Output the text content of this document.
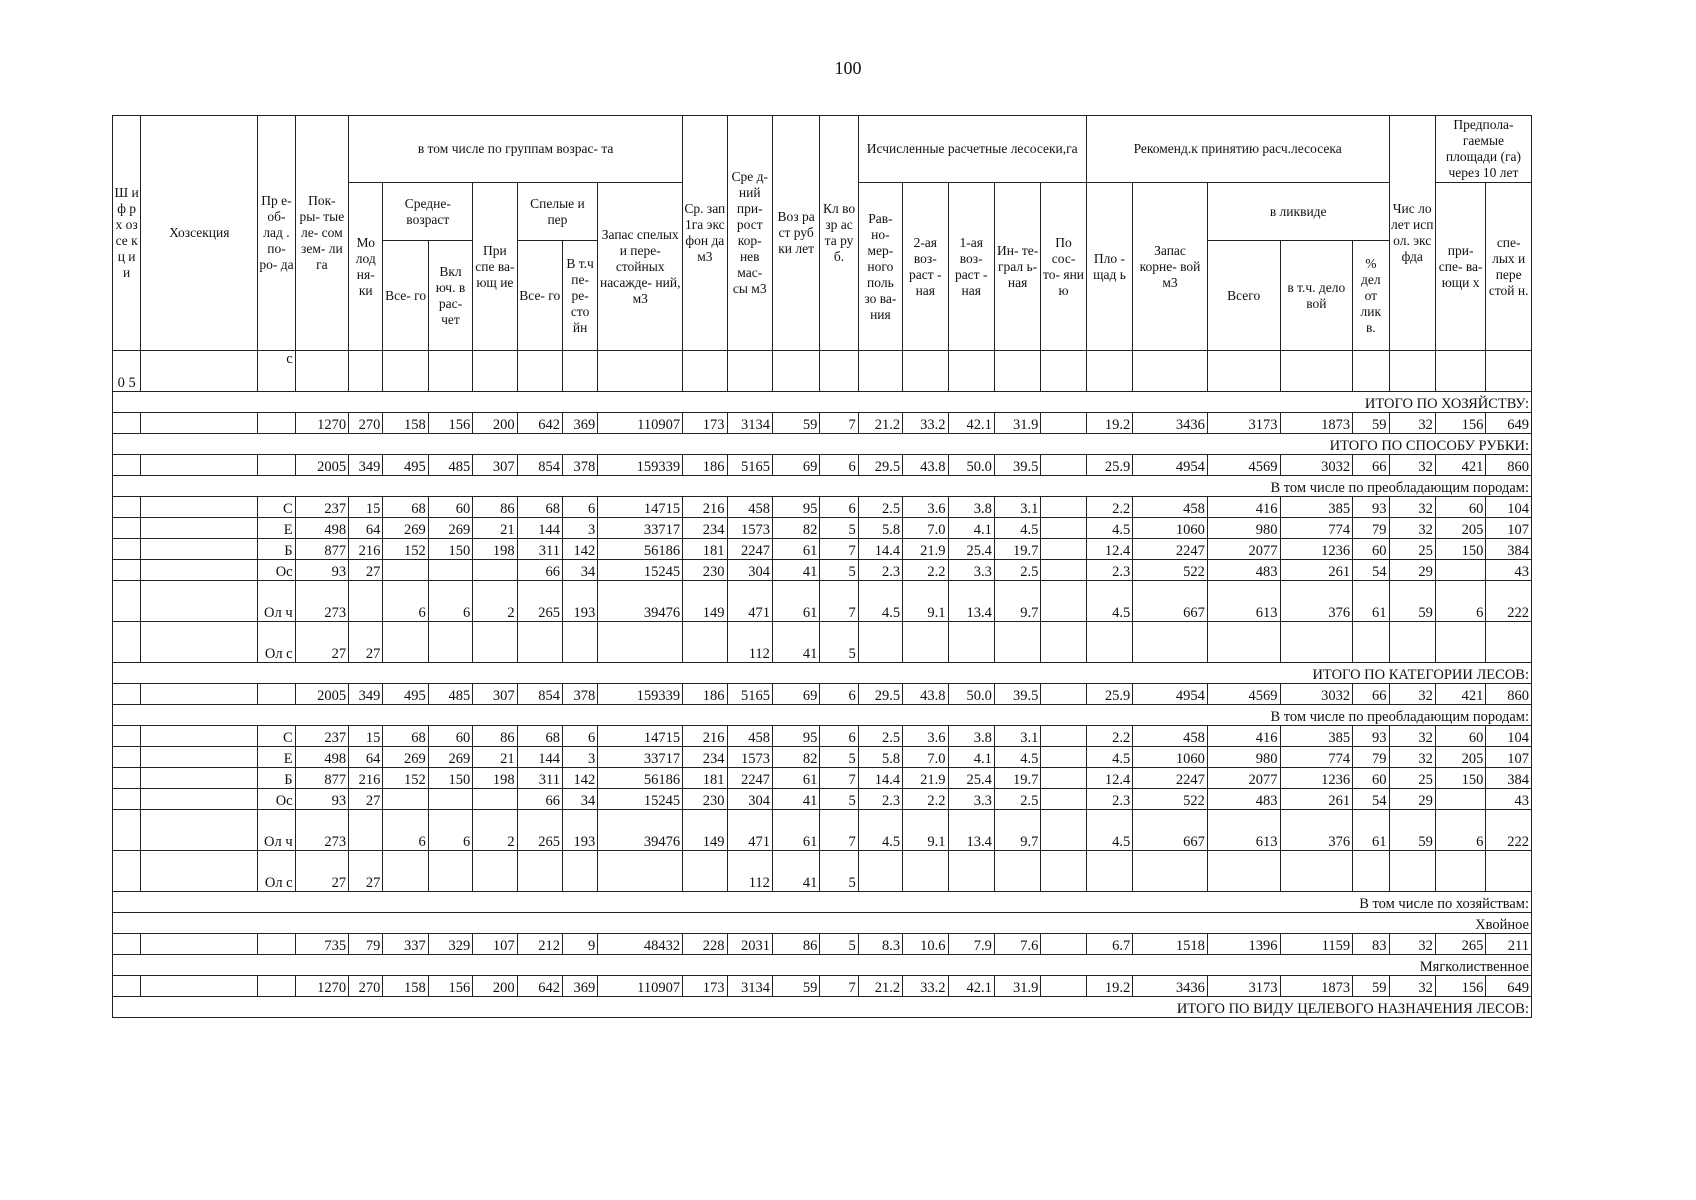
100
Ш и ф р х оз се к ц и и	Хозсекция	Пр е- об- лад . по- ро- да	Пок- ры- тые ле- сом зем- ли га	в том числе по группам возрас- та							Ср. зап 1га экс фон да м3	Сре д- ний при- рост кор- нев мас- сы м3	Воз ра ст руб ки лет	Кл во зр ас та ру б.	Исчисленные расчетные лесосеки,га					Рекоменд.к принятию расч.лесосека					Чис ло лет исп ол. экс фда	Предпола- гаемые площади (га) через 10 лет	
				Мо лод ня- ки	Средне- возраст		При спе ва- ющ ие	Спелые и пер		Запас спелых и пере- стойных насажде- ний, м3					Рав- но- мер- ного поль зо ва- ния	2-ая воз- раст - ная	1-ая воз- раст - ная	Ин- те- грал ь- ная	По сос- то- яни ю	Пло - щад ь	Запас корне- вой м3	в ликвиде				при- спе- ва- ющи х	спе- лых и пере стой н.
					Все- го	Вкл юч. в рас- чет		Все- го	В т.ч пе- ре- сто йн													Всего	в т.ч. дело вой	% дел от лик в.			
0 5		с																									
ИТОГО ПО ХОЗЯЙСТВУ:																											
			1270	270	158	156	200	642	369	110907	173	3134	59	7	21.2	33.2	42.1	31.9		19.2	3436	3173	1873	59	32	156	649
ИТОГО ПО СПОСОБУ РУБКИ:																											
			2005	349	495	485	307	854	378	159339	186	5165	69	6	29.5	43.8	50.0	39.5		25.9	4954	4569	3032	66	32	421	860
В том числе по преобладающим породам:																											
		С	237	15	68	60	86	68	6	14715	216	458	95	6	2.5	3.6	3.8	3.1		2.2	458	416	385	93	32	60	104
		Е	498	64	269	269	21	144	3	33717	234	1573	82	5	5.8	7.0	4.1	4.5		4.5	1060	980	774	79	32	205	107
		Б	877	216	152	150	198	311	142	56186	181	2247	61	7	14.4	21.9	25.4	19.7		12.4	2247	2077	1236	60	25	150	384
		Ос	93	27				66	34	15245	230	304	41	5	2.3	2.2	3.3	2.5		2.3	522	483	261	54	29		43
		Ол ч	273		6	6	2	265	193	39476	149	471	61	7	4.5	9.1	13.4	9.7		4.5	667	613	376	61	59	6	222
		Ол с	27	27								112	41	5													
ИТОГО ПО КАТЕГОРИИ ЛЕСОВ:																											
			2005	349	495	485	307	854	378	159339	186	5165	69	6	29.5	43.8	50.0	39.5		25.9	4954	4569	3032	66	32	421	860
В том числе по преобладающим породам:																											
		С	237	15	68	60	86	68	6	14715	216	458	95	6	2.5	3.6	3.8	3.1		2.2	458	416	385	93	32	60	104
		Е	498	64	269	269	21	144	3	33717	234	1573	82	5	5.8	7.0	4.1	4.5		4.5	1060	980	774	79	32	205	107
		Б	877	216	152	150	198	311	142	56186	181	2247	61	7	14.4	21.9	25.4	19.7		12.4	2247	2077	1236	60	25	150	384
		Ос	93	27				66	34	15245	230	304	41	5	2.3	2.2	3.3	2.5		2.3	522	483	261	54	29		43
		Ол ч	273		6	6	2	265	193	39476	149	471	61	7	4.5	9.1	13.4	9.7		4.5	667	613	376	61	59	6	222
		Ол с	27	27								112	41	5													
В том числе по хозяйствам:																											
Хвойное																											
			735	79	337	329	107	212	9	48432	228	2031	86	5	8.3	10.6	7.9	7.6		6.7	1518	1396	1159	83	32	265	211
Мягколиственное																											
			1270	270	158	156	200	642	369	110907	173	3134	59	7	21.2	33.2	42.1	31.9		19.2	3436	3173	1873	59	32	156	649
ИТОГО ПО ВИДУ ЦЕЛЕВОГО НАЗНАЧЕНИЯ ЛЕСОВ:																											
